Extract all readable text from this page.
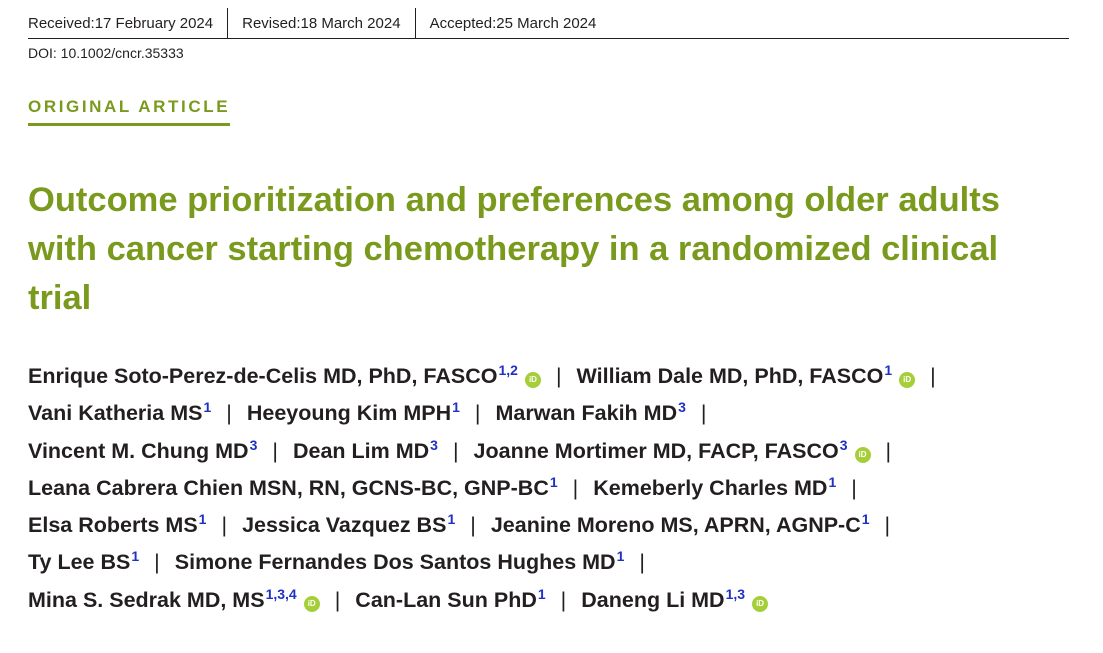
Received: 17 February 2024 Revised: 18 March 2024 Accepted: 25 March 2024
DOI: 10.1002/cncr.35333
ORIGINAL ARTICLE
Outcome prioritization and preferences among older adults with cancer starting chemotherapy in a randomized clinical trial
Enrique Soto-Perez-de-Celis MD, PhD, FASCO$^{1,2}$iD | William Dale MD, PhD, FASCO$^1$iD |
Vani Katheria MS$^1$ | Heeyoung Kim MPH$^1$ | Marwan Fakih MD$^3$ |
Vincent M. Chung MD$^3$ | Dean Lim MD$^3$ | Joanne Mortimer MD, FACP, FASCO$^3$iD |
Leana Cabrera Chien MSN, RN, GCNS-BC, GNP-BC$^1$ | Kemeberly Charles MD$^1$ |
Elsa Roberts MS$^1$ | Jessica Vazquez BS$^1$ | Jeanine Moreno MS, APRN, AGNP-C$^1$ |
Ty Lee BS$^1$ | Simone Fernandes Dos Santos Hughes MD$^1$ |
Mina S. Sedrak MD, MS$^{1,3,4}$iD | Can-Lan Sun PhD$^1$ | Daneng Li MD$^{1,3}$iD
